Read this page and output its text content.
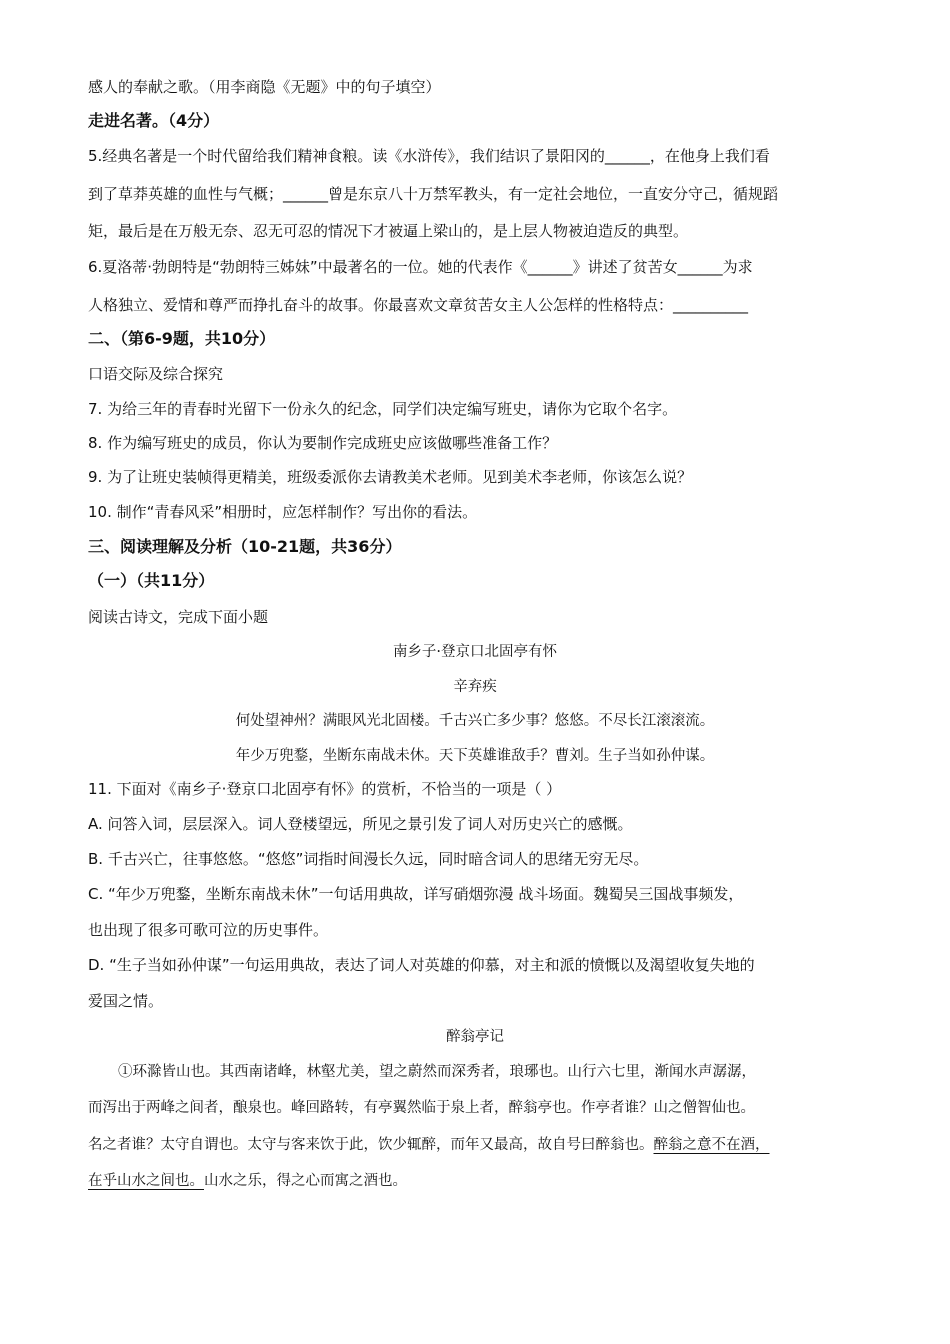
感人的奉献之歌。（用李商隐《无题》中的句子填空）
走进名著。（4分）
5.经典名著是一个时代留给我们精神食粮。读《水浒传》，我们结识了景阳冈的______，在他身上我们看
到了草莽英雄的血性与气概；______曾是东京八十万禁军教头，有一定社会地位，一直安分守己，循规蹈
矩，最后是在万般无奈、忍无可忍的情况下才被逼上梁山的，是上层人物被迫造反的典型。
6.夏洛蒂·勃朗特是“勃朗特三姊妹”中最著名的一位。她的代表作《______》讲述了贫苦女______为求
人格独立、爱情和尊严而挣扎奋斗的故事。你最喜欢文章贫苦女主人公怎样的性格特点：__________
二、（第6-9题，共10分）
口语交际及综合探究
7. 为给三年的青春时光留下一份永久的纪念，同学们决定编写班史，请你为它取个名字。
8. 作为编写班史的成员，你认为要制作完成班史应该做哪些准备工作？
9. 为了让班史装帧得更精美，班级委派你去请教美术老师。见到美术李老师，你该怎么说？
10. 制作“青春风采”相册时，应怎样制作？写出你的看法。
三、阅读理解及分析（10-21题，共36分）
（一）（共11分）
阅读古诗文，完成下面小题
南乡子·登京口北固亭有怀
辛弃疾
何处望神州？满眼风光北固楼。千古兴亡多少事？悠悠。不尽长江滚滚流。
年少万兜鍪，坐断东南战未休。天下英雄谁敌手？曹刘。生子当如孙仲谋。
11. 下面对《南乡子·登京口北固亭有怀》的赏析，不恰当的一项是（ ）
A. 问答入词，层层深入。词人登楼望远，所见之景引发了词人对历史兴亡的感慨。
B. 千古兴亡，往事悠悠。“悠悠”词指时间漫长久远，同时暗含词人的思绪无穷无尽。
C. “年少万兜鍪，坐断东南战未休”一句话用典故，详写硝烟弥漫 战斗场面。魏蜀吴三国战事频发，
也出现了很多可歌可泣的历史事件。
D. “生子当如孙仲谋”一句运用典故，表达了词人对英雄的仰慕，对主和派的愤慨以及渴望收复失地的
爱国之情。
醉翁亭记
①环滁皆山也。其西南诸峰，林壑尤美，望之蔚然而深秀者，琅琊也。山行六七里，渐闻水声潺潺，
而泻出于两峰之间者，酿泉也。峰回路转，有亭翼然临于泉上者，醉翁亭也。作亭者谁？山之僧智仙也。
名之者谁？太守自谓也。太守与客来饮于此，饮少辄醉，而年又最高，故自号曰醉翁也。醉翁之意不在酒，
在乎山水之间也。山水之乐，得之心而寓之酒也。
